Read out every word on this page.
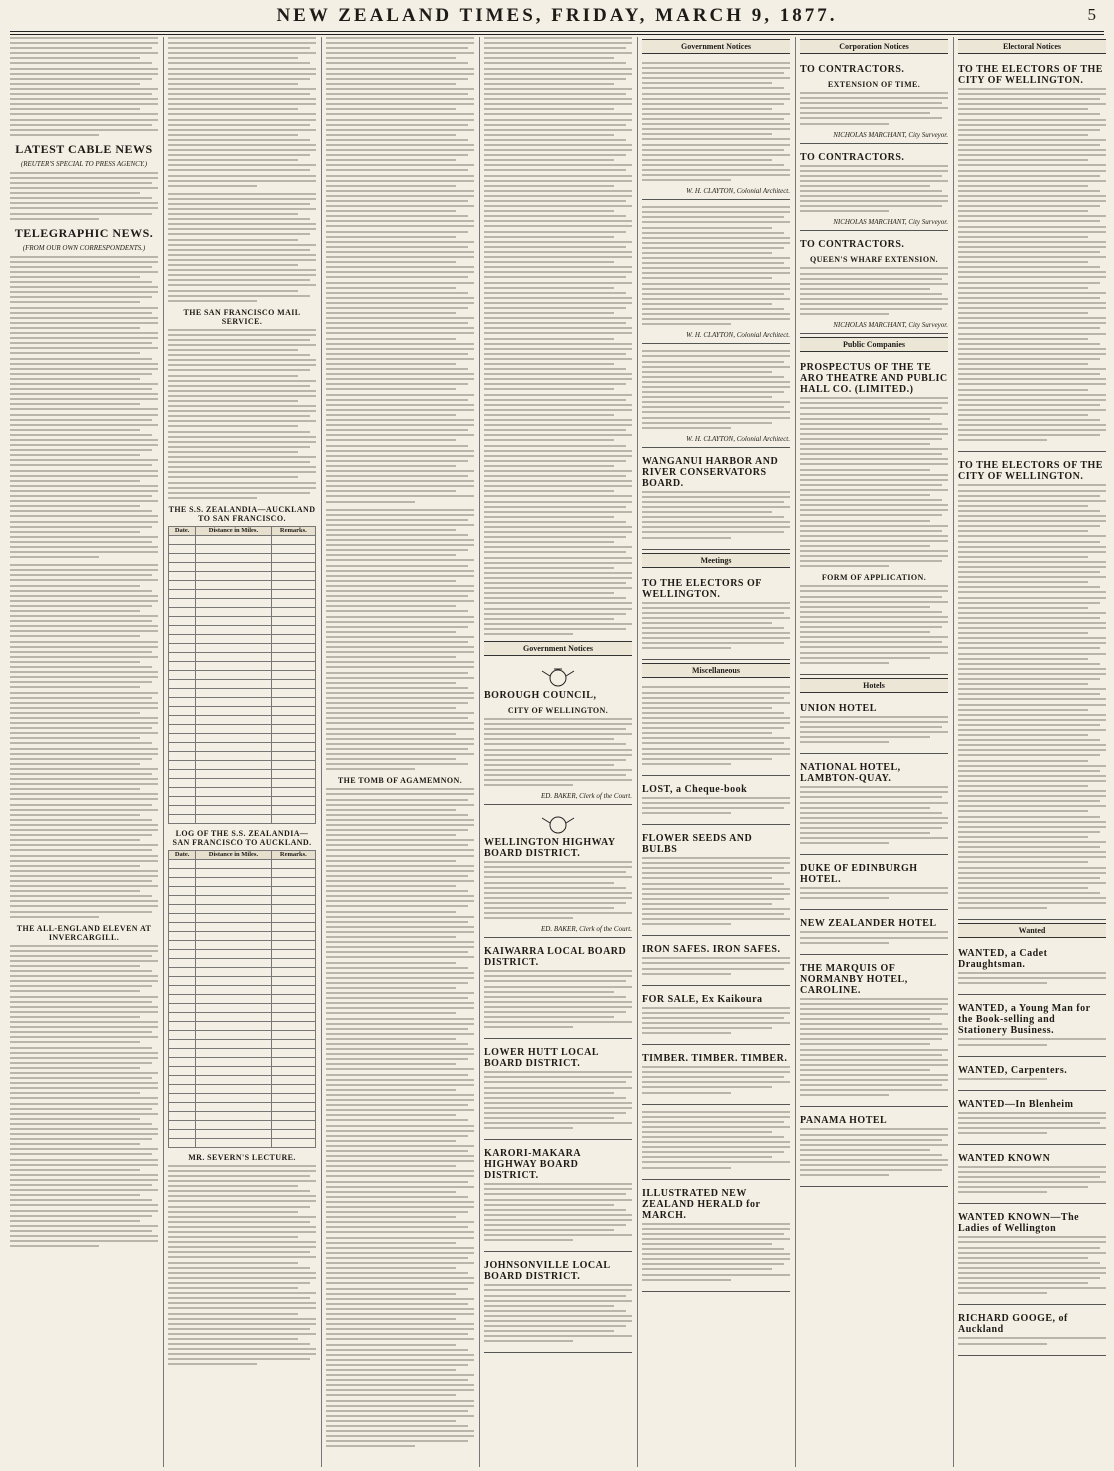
NEW ZEALAND TIMES, FRIDAY, MARCH 9, 1877.	5
LATEST CABLE NEWS
(REUTER'S SPECIAL TO PRESS AGENCY.)
TELEGRAPHIC NEWS.
(FROM OUR OWN CORRESPONDENTS.)
THE ALL-ENGLAND ELEVEN AT INVERCARGILL.
THE SAN FRANCISCO MAIL SERVICE.
THE S.S. ZEALANDIA—AUCKLAND TO SAN FRANCISCO.
Date.	Distance in Miles.	Remarks.

LOG OF THE S.S. ZEALANDIA—SAN FRANCISCO TO AUCKLAND.
Date.	Distance in Miles.	Remarks.

MR. SEVERN'S LECTURE.
THE TOMB OF AGAMEMNON.
Government Notices
BOROUGH COUNCIL,
CITY OF WELLINGTON.
ED. BAKER, Clerk of the Court.
WELLINGTON HIGHWAY BOARD DISTRICT.
ED. BAKER, Clerk of the Court.
KAIWARRA LOCAL BOARD DISTRICT.
LOWER HUTT LOCAL BOARD DISTRICT.
KARORI-MAKARA HIGHWAY BOARD DISTRICT.
JOHNSONVILLE LOCAL BOARD DISTRICT.
Government Notices
W. H. CLAYTON, Colonial Architect.
W. H. CLAYTON, Colonial Architect.
W. H. CLAYTON, Colonial Architect.
WANGANUI HARBOR AND RIVER CONSERVATORS BOARD.
Meetings
TO THE ELECTORS OF WELLINGTON.
Miscellaneous
LOST, a Cheque-book
FLOWER SEEDS AND BULBS
IRON SAFES. IRON SAFES.
FOR SALE, Ex Kaikoura
TIMBER. TIMBER. TIMBER.
ILLUSTRATED NEW ZEALAND HERALD for MARCH.
Corporation Notices
TO CONTRACTORS.
EXTENSION OF TIME.
NICHOLAS MARCHANT, City Surveyor.
TO CONTRACTORS.
NICHOLAS MARCHANT, City Surveyor.
TO CONTRACTORS.
QUEEN'S WHARF EXTENSION.
NICHOLAS MARCHANT, City Surveyor.
Public Companies
PROSPECTUS OF THE TE ARO THEATRE AND PUBLIC HALL CO. (LIMITED.)
FORM OF APPLICATION.
Hotels
UNION HOTEL
NATIONAL HOTEL, LAMBTON-QUAY.
DUKE OF EDINBURGH HOTEL.
NEW ZEALANDER HOTEL
THE MARQUIS OF NORMANBY HOTEL, CAROLINE.
PANAMA HOTEL
Electoral Notices
TO THE ELECTORS OF THE CITY OF WELLINGTON.
TO THE ELECTORS OF THE CITY OF WELLINGTON.
Wanted
WANTED, a Cadet Draughtsman.
WANTED, a Young Man for the Book-selling and Stationery Business.
WANTED, Carpenters.
WANTED—In Blenheim
WANTED KNOWN
WANTED KNOWN—The Ladies of Wellington
RICHARD GOOGE, of Auckland
